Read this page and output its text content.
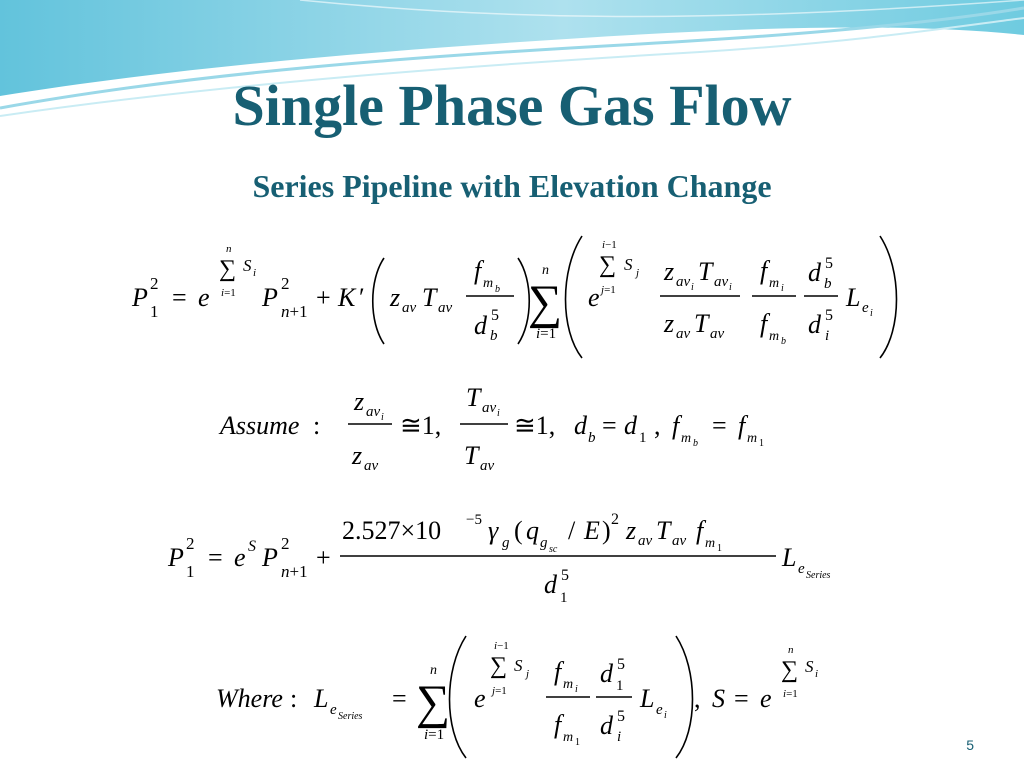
Single Phase Gas Flow
Series Pipeline with Elevation Change
P 2
1 = e
n
∑
i=1
S i
P 2
n+1 + K ′ z av T av
f m b
d 5
b
n
∑
i=1
e
i−1
∑
j=1
S j z av i
T av i
z av T av
f m i
f m b
d 5
b
d 5
i
L e i
Assume :
z av i
z av
≅1,
T av i
T av
≅1, d b = d 1 , f m b
= f m 1
P 2
1 = e S P 2
n+1 +
2.527×10 −5 γ g ( q g sc
/ E ) 2 z av T av f m 1
d 5
1
L e Series
Where : L e Series
=
n
∑
i=1
e
i−1
∑
j=1
S j f m i
f m 1
d 5
1
d 5
i
L e i
, S = e
n
∑
i=1
S i
5
